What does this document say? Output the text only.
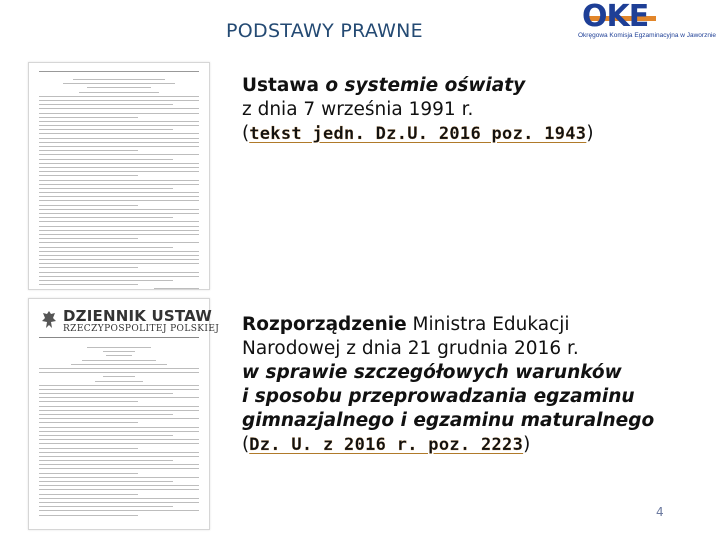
PODSTAWY PRAWNE	OKE
Okręgowa Komisja Egzaminacyjna w Jaworznie
DZIENNIK USTAW
RZECZYPOSPOLITEJ POLSKIEJ
Ustawa o systemie oświaty
z dnia 7 września 1991 r.
(tekst jedn. Dz.U. 2016 poz. 1943)
Rozporządzenie Ministra Edukacji
Narodowej z dnia 21 grudnia 2016 r.
w sprawie szczegółowych warunków
i sposobu przeprowadzania egzaminu
gimnazjalnego i egzaminu maturalnego
(Dz. U. z 2016 r. poz. 2223)
4
